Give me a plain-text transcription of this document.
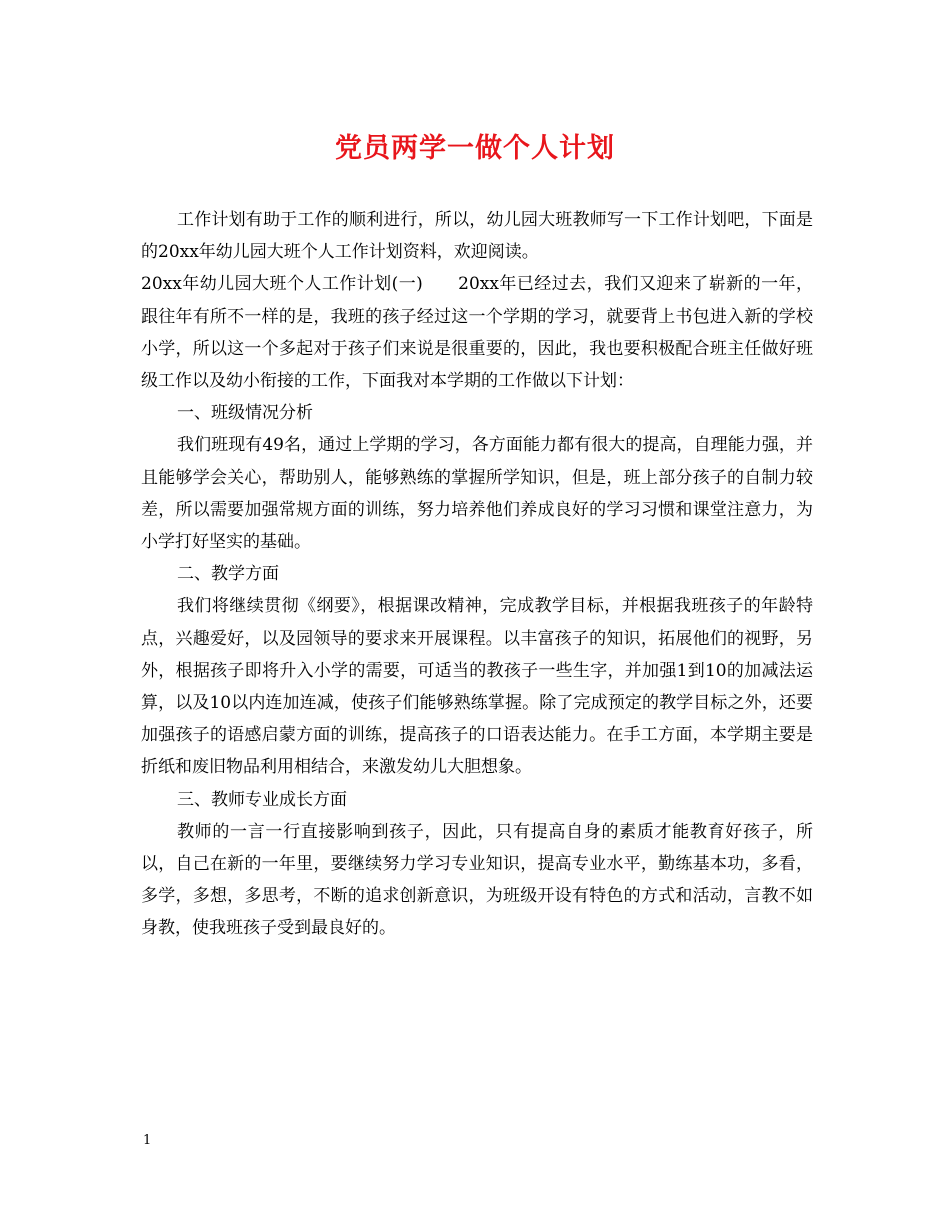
党员两学一做个人计划

工作计划有助于工作的顺利进行，所以，幼儿园大班教师写一下工作计划吧，下面是的20xx年幼儿园大班个人工作计划资料，欢迎阅读。

20xx年幼儿园大班个人工作计划(一)　　20xx年已经过去，我们又迎来了崭新的一年，跟往年有所不一样的是，我班的孩子经过这一个学期的学习，就要背上书包进入新的学校小学，所以这一个多起对于孩子们来说是很重要的，因此，我也要积极配合班主任做好班级工作以及幼小衔接的工作，下面我对本学期的工作做以下计划：

一、班级情况分析

我们班现有49名，通过上学期的学习，各方面能力都有很大的提高，自理能力强，并且能够学会关心，帮助别人，能够熟练的掌握所学知识，但是，班上部分孩子的自制力较差，所以需要加强常规方面的训练，努力培养他们养成良好的学习习惯和课堂注意力，为小学打好坚实的基础。

二、教学方面

我们将继续贯彻《纲要》，根据课改精神，完成教学目标，并根据我班孩子的年龄特点，兴趣爱好，以及园领导的要求来开展课程。以丰富孩子的知识，拓展他们的视野，另外，根据孩子即将升入小学的需要，可适当的教孩子一些生字，并加强1到10的加减法运算，以及10以内连加连减，使孩子们能够熟练掌握。除了完成预定的教学目标之外，还要加强孩子的语感启蒙方面的训练，提高孩子的口语表达能力。在手工方面，本学期主要是折纸和废旧物品利用相结合，来激发幼儿大胆想象。

三、教师专业成长方面

教师的一言一行直接影响到孩子，因此，只有提高自身的素质才能教育好孩子，所以，自己在新的一年里，要继续努力学习专业知识，提高专业水平，勤练基本功，多看，多学，多想，多思考，不断的追求创新意识，为班级开设有特色的方式和活动，言教不如身教，使我班孩子受到最良好的。

1
